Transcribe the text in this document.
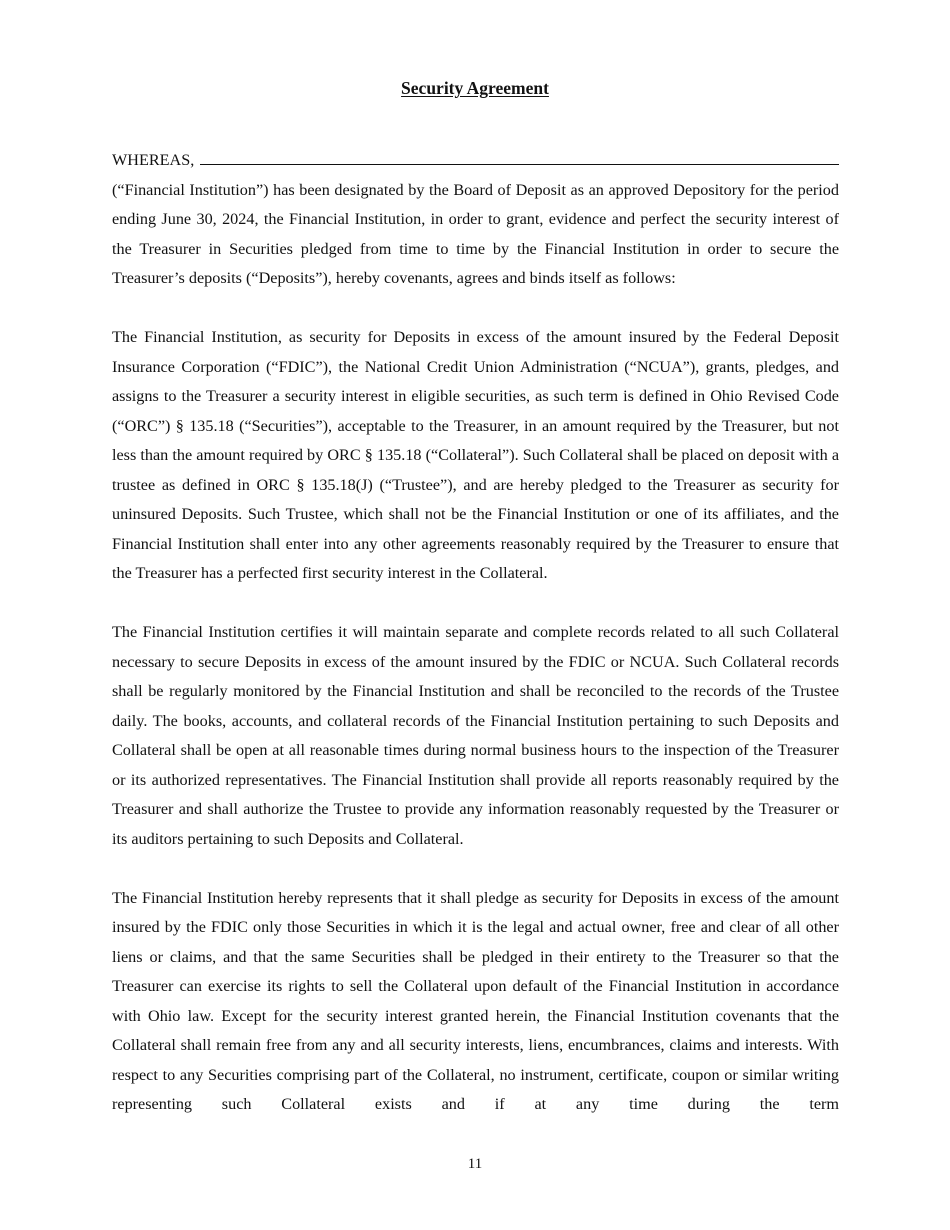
Security Agreement
WHEREAS,

(“Financial Institution”) has been designated by the Board of Deposit as an approved Depository for the period ending June 30, 2024, the Financial Institution, in order to grant, evidence and perfect the security interest of the Treasurer in Securities pledged from time to time by the Financial Institution in order to secure the Treasurer’s deposits (“Deposits”), hereby covenants, agrees and binds itself as follows:

The Financial Institution, as security for Deposits in excess of the amount insured by the Federal Deposit Insurance Corporation (“FDIC”), the National Credit Union Administration (“NCUA”), grants, pledges, and assigns to the Treasurer a security interest in eligible securities, as such term is defined in Ohio Revised Code (“ORC”) § 135.18 (“Securities”), acceptable to the Treasurer, in an amount required by the Treasurer, but not less than the amount required by ORC § 135.18 (“Collateral”). Such Collateral shall be placed on deposit with a trustee as defined in ORC § 135.18(J) (“Trustee”), and are hereby pledged to the Treasurer as security for uninsured Deposits. Such Trustee, which shall not be the Financial Institution or one of its affiliates, and the Financial Institution shall enter into any other agreements reasonably required by the Treasurer to ensure that the Treasurer has a perfected first security interest in the Collateral.

The Financial Institution certifies it will maintain separate and complete records related to all such Collateral necessary to secure Deposits in excess of the amount insured by the FDIC or NCUA. Such Collateral records shall be regularly monitored by the Financial Institution and shall be reconciled to the records of the Trustee daily. The books, accounts, and collateral records of the Financial Institution pertaining to such Deposits and Collateral shall be open at all reasonable times during normal business hours to the inspection of the Treasurer or its authorized representatives. The Financial Institution shall provide all reports reasonably required by the Treasurer and shall authorize the Trustee to provide any information reasonably requested by the Treasurer or its auditors pertaining to such Deposits and Collateral.

The Financial Institution hereby represents that it shall pledge as security for Deposits in excess of the amount insured by the FDIC only those Securities in which it is the legal and actual owner, free and clear of all other liens or claims, and that the same Securities shall be pledged in their entirety to the Treasurer so that the Treasurer can exercise its rights to sell the Collateral upon default of the Financial Institution in accordance with Ohio law. Except for the security interest granted herein, the Financial Institution covenants that the Collateral shall remain free from any and all security interests, liens, encumbrances, claims and interests. With respect to any Securities comprising part of the Collateral, no instrument, certificate, coupon or similar writing representing such Collateral exists and if at any time during the term

11
